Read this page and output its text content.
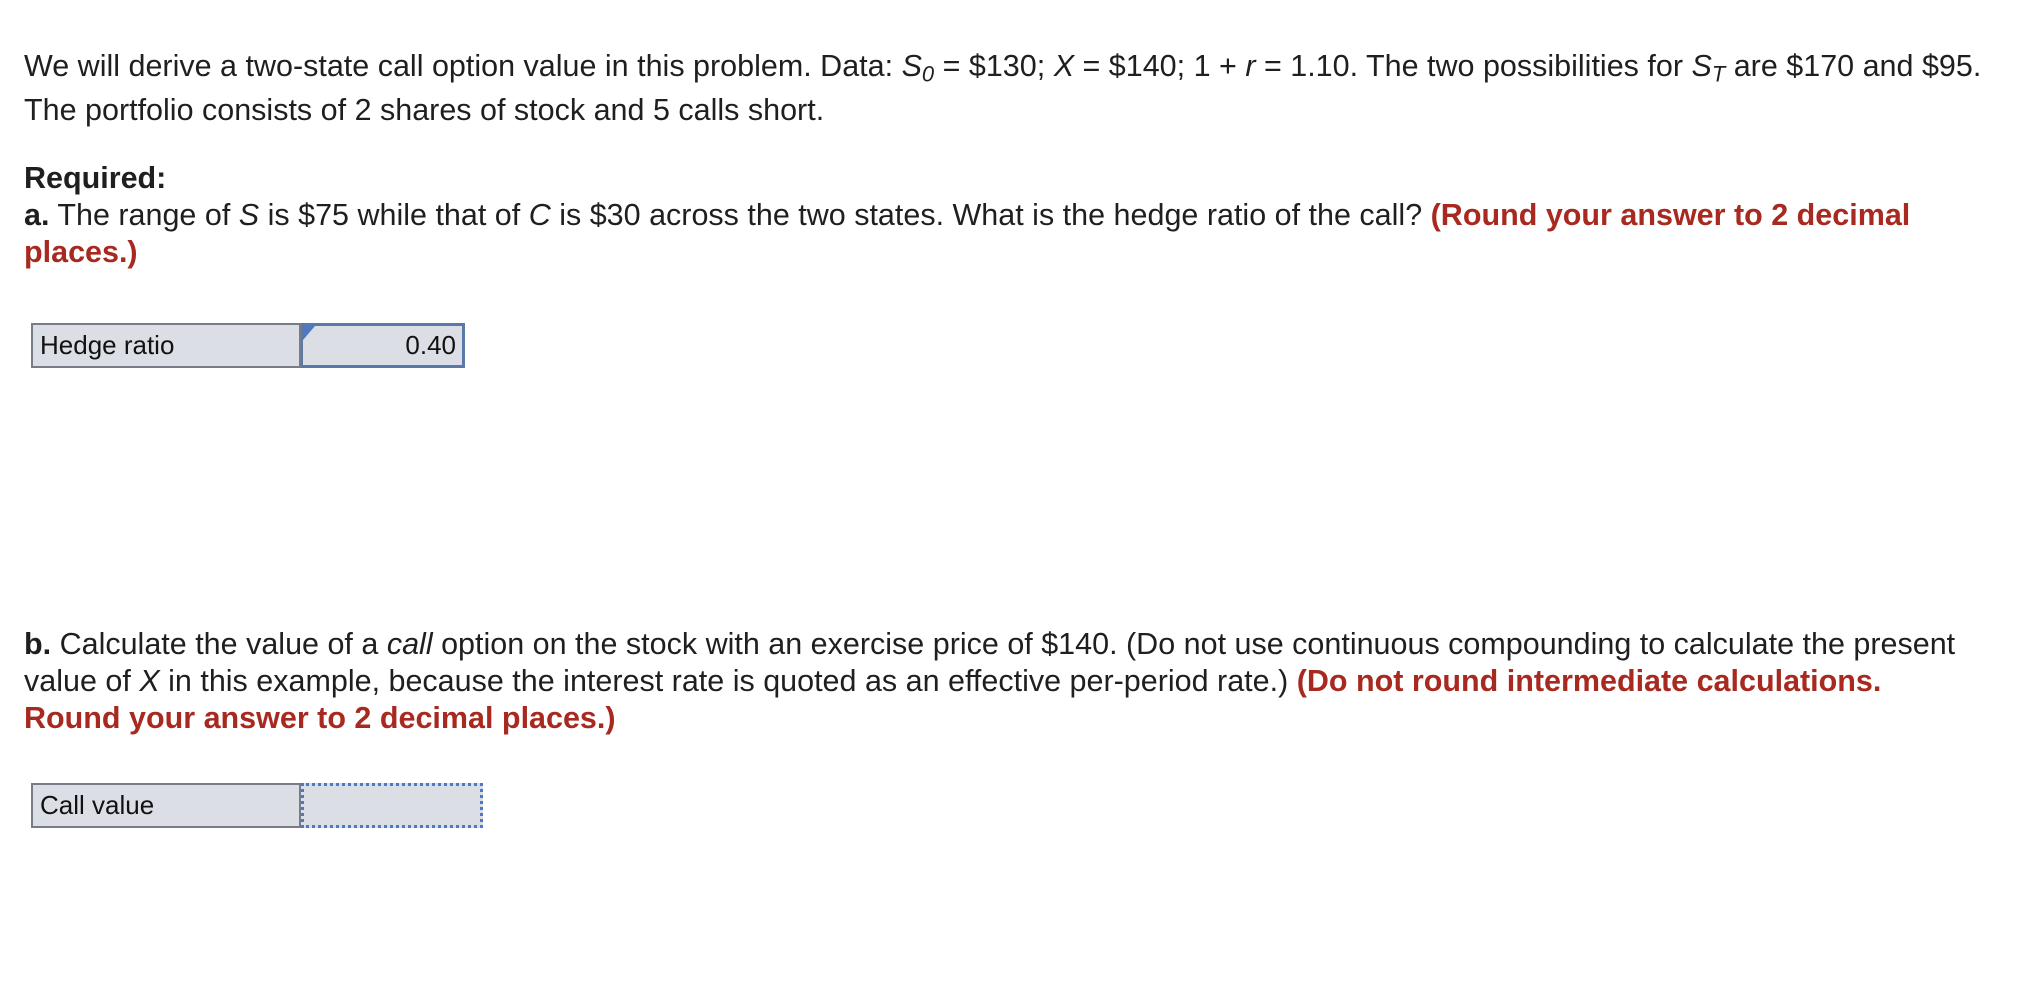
We will derive a two-state call option value in this problem. Data: $S_0$ = $130; X = $140; 1 + r = 1.10. The two possibilities for $S_T$ are $170 and $95. The portfolio consists of 2 shares of stock and 5 calls short.

Required:
a. The range of S is $75 while that of C is $30 across the two states. What is the hedge ratio of the call? (Round your answer to 2 decimal places.)
Hedge ratio	0.40

b. Calculate the value of a call option on the stock with an exercise price of $140. (Do not use continuous compounding to calculate the present value of X in this example, because the interest rate is quoted as an effective per-period rate.) (Do not round intermediate calculations. Round your answer to 2 decimal places.)

Call value
